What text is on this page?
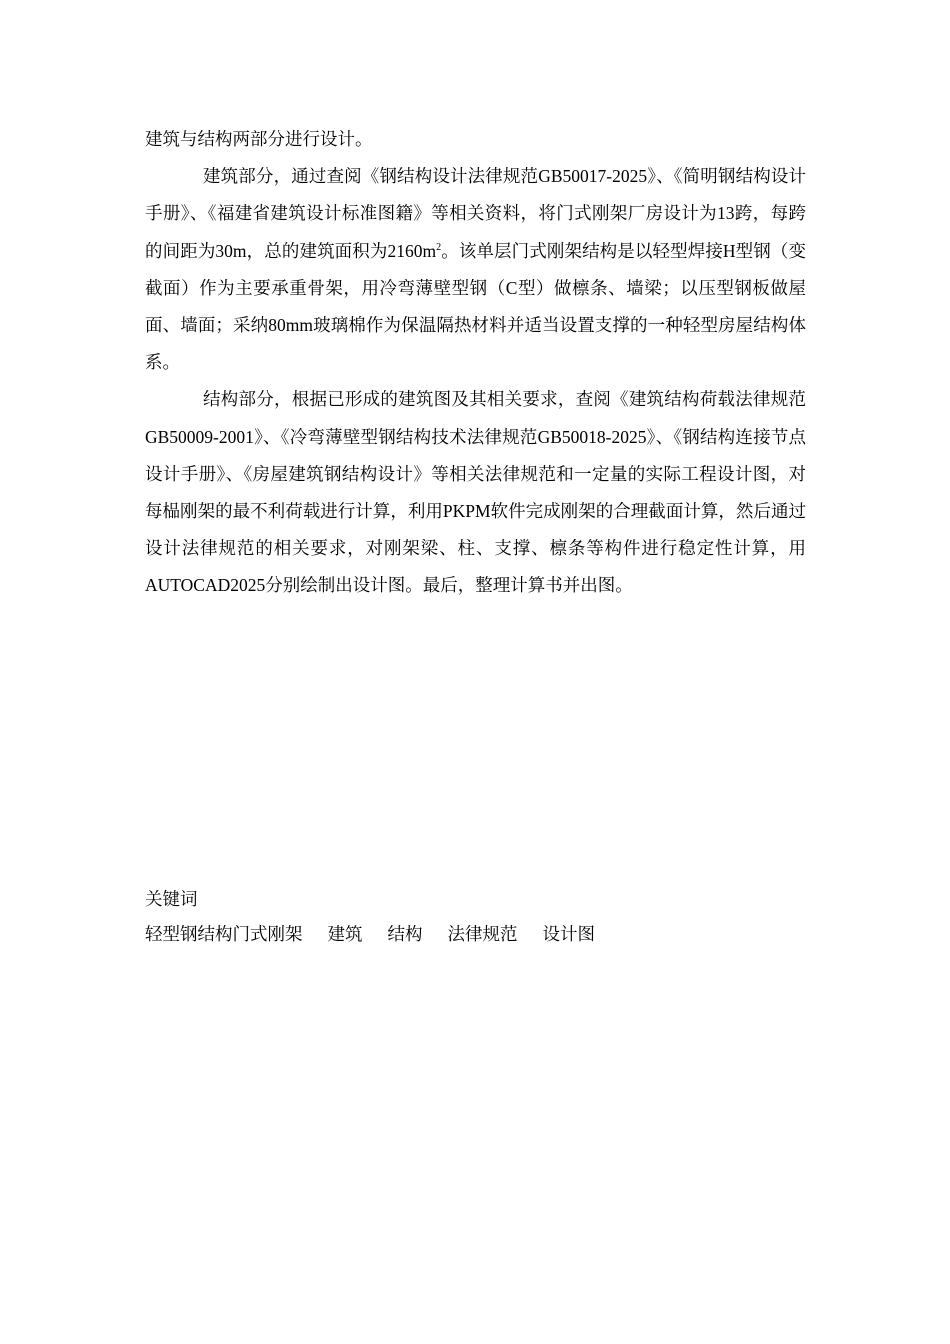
建筑与结构两部分进行设计。

建筑部分，通过查阅《钢结构设计法律规范GB50017-2025》、《简明钢结构设计手册》、《福建省建筑设计标准图籍》等相关资料，将门式刚架厂房设计为13跨，每跨的间距为30m，总的建筑面积为$2160m^2$。该单层门式刚架结构是以轻型焊接H型钢（变截面）作为主要承重骨架，用冷弯薄壁型钢（C型）做檩条、墙梁；以压型钢板做屋面、墙面；采纳80mm玻璃棉作为保温隔热材料并适当设置支撑的一种轻型房屋结构体系。

结构部分，根据已形成的建筑图及其相关要求，查阅《建筑结构荷载法律规范GB50009-2001》、《冷弯薄壁型钢结构技术法律规范GB50018-2025》、《钢结构连接节点设计手册》、《房屋建筑钢结构设计》等相关法律规范和一定量的实际工程设计图，对每榀刚架的最不利荷载进行计算，利用PKPM软件完成刚架的合理截面计算，然后通过设计法律规范的相关要求，对刚架梁、柱、支撑、檩条等构件进行稳定性计算，用AUTOCAD2025分别绘制出设计图。最后，整理计算书并出图。

关键词
轻型钢结构门式刚架 建筑 结构 法律规范 设计图
